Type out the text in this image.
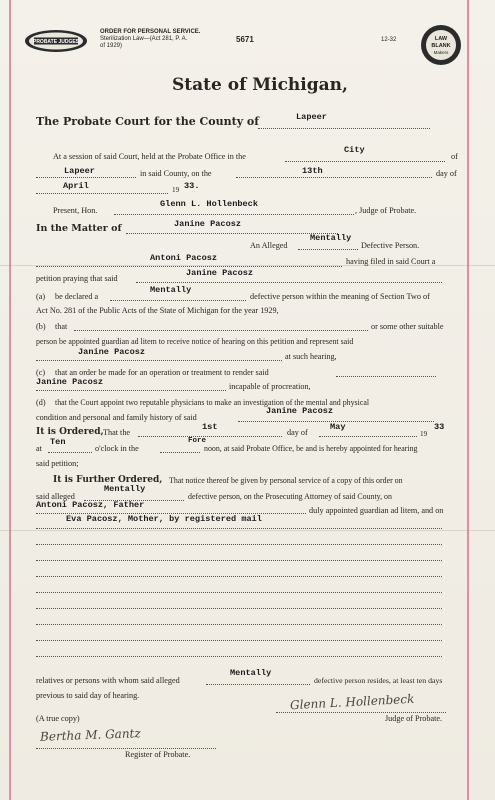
PROBATE JUDGES
ORDER FOR PERSONAL SERVICE.
Sterilization Law—(Act 281, P. A.
of 1929)
5671	12-32	LAW
BLANK
Makers
State of Michigan,
The Probate Court for the County of	Lapeer
At a session of said Court, held at the Probate Office in the
City
of
Lapeer	in said County, on the	13th	day of
April	19 33.
Present, Hon.
Glenn L. Hollenbeck
, Judge of Probate.
In the Matter of	Janine Pacosz
An Alleged
Mentally
Defective Person.
Antoni Pacosz	having filed in said Court a
petition praying that said
Janine Pacosz
(a) be declared a
Mentally
defective person within the meaning of Section Two of
Act No. 281 of the Public Acts of the State of Michigan for the year 1929,
(b) that	or some other suitable
person be appointed guardian ad litem to receive notice of hearing on this petition and represent said
Janine Pacosz	at such hearing,
(c) that an order be made for an operation or treatment to render said
Janine Pacosz	incapable of procreation,
(d) that the Court appoint two reputable physicians to make an investigation of the mental and physical
condition and personal and family history of said
Janine Pacosz
It is Ordered, That the
1st
day of
May
19
33
at
Ten
o'clock in the
Fore
noon, at said Probate Office, be and is hereby appointed for hearing
said petition;
It is Further Ordered, That notice thereof be given by personal service of a copy of this order on
said alleged
Mentally
defective person, on the Prosecuting Attorney of said County, on
Antoni Pacosz, Father
duly appointed guardian ad litem, and on
Eva Pacosz, Mother, by registered mail
relatives or persons with whom said alleged
Mentally
defective person resides, at least ten days
previous to said day of hearing.	Glenn L. Hollenbeck
Judge of Probate.
(A true copy)
Bertha M. Gantz
Register of Probate.
